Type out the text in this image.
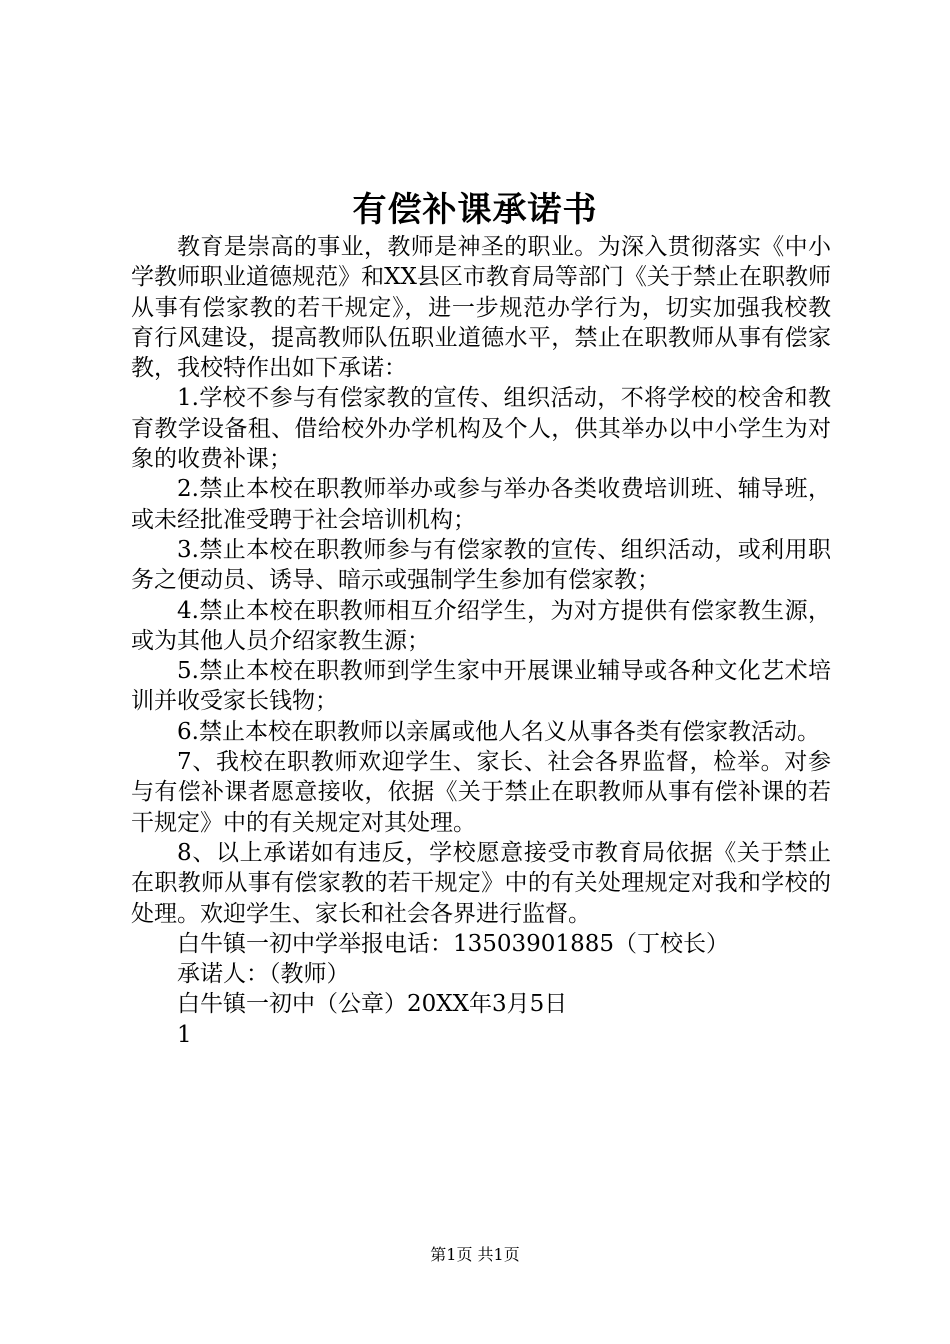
有偿补课承诺书

教育是崇高的事业，教师是神圣的职业。为深入贯彻落实《中小学教师职业道德规范》和XX县区市教育局等部门《关于禁止在职教师从事有偿家教的若干规定》，进一步规范办学行为，切实加强我校教育行风建设，提高教师队伍职业道德水平，禁止在职教师从事有偿家教，我校特作出如下承诺：

1.学校不参与有偿家教的宣传、组织活动，不将学校的校舍和教育教学设备租、借给校外办学机构及个人，供其举办以中小学生为对象的收费补课；

2.禁止本校在职教师举办或参与举办各类收费培训班、辅导班，或未经批准受聘于社会培训机构；

3.禁止本校在职教师参与有偿家教的宣传、组织活动，或利用职务之便动员、诱导、暗示或强制学生参加有偿家教；

4.禁止本校在职教师相互介绍学生，为对方提供有偿家教生源，或为其他人员介绍家教生源；

5.禁止本校在职教师到学生家中开展课业辅导或各种文化艺术培训并收受家长钱物；

6.禁止本校在职教师以亲属或他人名义从事各类有偿家教活动。

7、我校在职教师欢迎学生、家长、社会各界监督，检举。对参与有偿补课者愿意接收，依据《关于禁止在职教师从事有偿补课的若干规定》中的有关规定对其处理。

8、以上承诺如有违反，学校愿意接受市教育局依据《关于禁止在职教师从事有偿家教的若干规定》中的有关处理规定对我和学校的处理。欢迎学生、家长和社会各界进行监督。

白牛镇一初中学举报电话：13503901885（丁校长）

承诺人：（教师）

白牛镇一初中（公章）20XX年3月5日

1

第1页 共1页
